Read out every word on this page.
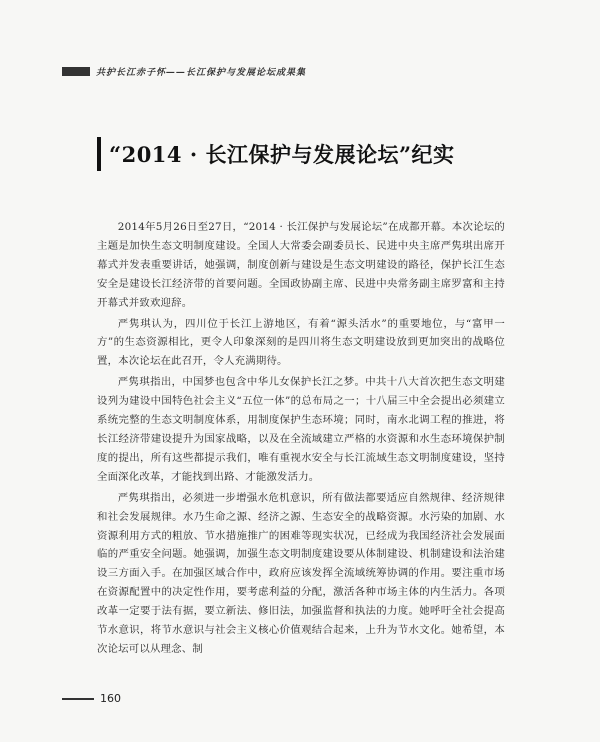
共护长江赤子怀——长江保护与发展论坛成果集
“2014 · 长江保护与发展论坛”纪实

2014年5月26日至27日，“2014 · 长江保护与发展论坛”在成都开幕。本次论坛的主题是加快生态文明制度建设。全国人大常委会副委员长、民进中央主席严隽琪出席开幕式并发表重要讲话，她强调，制度创新与建设是生态文明建设的路径，保护长江生态安全是建设长江经济带的首要问题。全国政协副主席、民进中央常务副主席罗富和主持开幕式并致欢迎辞。

严隽琪认为，四川位于长江上游地区，有着“源头活水”的重要地位，与“富甲一方”的生态资源相比，更令人印象深刻的是四川将生态文明建设放到更加突出的战略位置，本次论坛在此召开，令人充满期待。

严隽琪指出，中国梦也包含中华儿女保护长江之梦。中共十八大首次把生态文明建设列为建设中国特色社会主义“五位一体”的总布局之一；十八届三中全会提出必须建立系统完整的生态文明制度体系，用制度保护生态环境；同时，南水北调工程的推进，将长江经济带建设提升为国家战略，以及在全流域建立严格的水资源和水生态环境保护制度的提出，所有这些都提示我们，唯有重视水安全与长江流域生态文明制度建设，坚持全面深化改革，才能找到出路、才能激发活力。

严隽琪指出，必须进一步增强水危机意识，所有做法都要适应自然规律、经济规律和社会发展规律。水乃生命之源、经济之源、生态安全的战略资源。水污染的加剧、水资源利用方式的粗放、节水措施推广的困难等现实状况，已经成为我国经济社会发展面临的严重安全问题。她强调，加强生态文明制度建设要从体制建设、机制建设和法治建设三方面入手。在加强区域合作中，政府应该发挥全流域统筹协调的作用。要注重市场在资源配置中的决定性作用，要考虑利益的分配，激活各种市场主体的内生活力。各项改革一定要于法有据，要立新法、修旧法，加强监督和执法的力度。她呼吁全社会提高节水意识，将节水意识与社会主义核心价值观结合起来，上升为节水文化。她希望，本次论坛可以从理念、制

160
